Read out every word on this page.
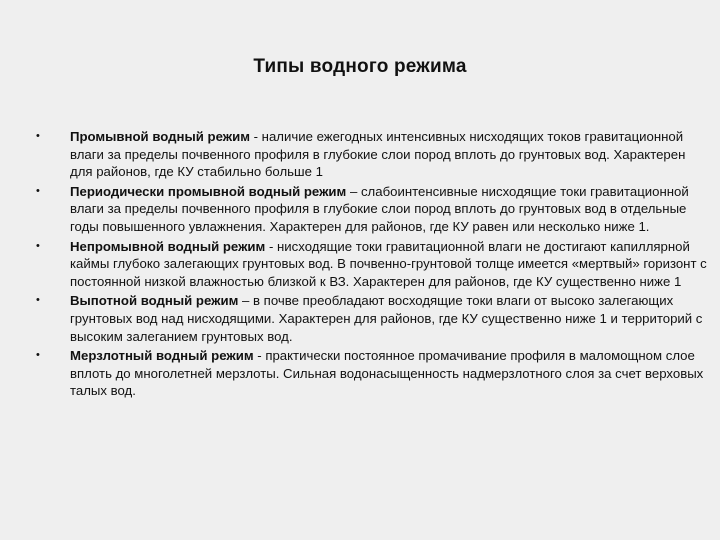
Типы водного режима
• Промывной водный режим - наличие ежегодных интенсивных нисходящих токов гравитационной влаги за пределы почвенного профиля в глубокие слои пород вплоть до грунтовых вод. Характерен для районов, где КУ стабильно больше 1
• Периодически промывной водный режим – слабоинтенсивные нисходящие токи гравитационной влаги за пределы почвенного профиля в глубокие слои пород вплоть до грунтовых вод в отдельные годы повышенного увлажнения. Характерен для районов, где КУ равен или несколько ниже 1.
• Непромывной водный режим - нисходящие токи гравитационной влаги не достигают капиллярной каймы глубоко залегающих грунтовых вод. В почвенно-грунтовой толще имеется «мертвый» горизонт с постоянной низкой влажностью близкой к ВЗ. Характерен для районов, где КУ существенно ниже 1
• Выпотной водный режим – в почве преобладают восходящие токи влаги от высоко залегающих грунтовых вод над нисходящими. Характерен для районов, где КУ существенно ниже 1 и территорий с высоким залеганием грунтовых вод.
• Мерзлотный водный режим - практически постоянное промачивание профиля в маломощном слое вплоть до многолетней мерзлоты. Сильная водонасыщенность надмерзлотного слоя за счет верховых талых вод.
